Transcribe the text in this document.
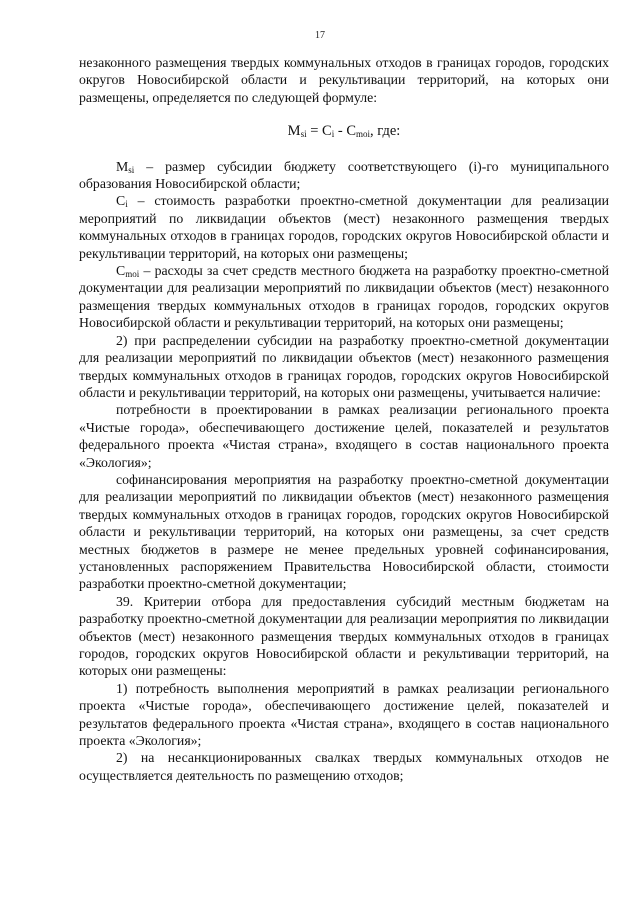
17

незаконного размещения твердых коммунальных отходов в границах городов, городских округов Новосибирской области и рекультивации территорий, на которых они размещены, определяется по следующей формуле:

$M_{si} = C_i - C_{moi}$, где:

$M_{si}$ – размер субсидии бюджету соответствующего (i)-го муниципального образования Новосибирской области;

$C_i$ – стоимость разработки проектно-сметной документации для реализации мероприятий по ликвидации объектов (мест) незаконного размещения твердых коммунальных отходов в границах городов, городских округов Новосибирской области и рекультивации территорий, на которых они размещены;

$C_{moi}$ – расходы за счет средств местного бюджета на разработку проектно-сметной документации для реализации мероприятий по ликвидации объектов (мест) незаконного размещения твердых коммунальных отходов в границах городов, городских округов Новосибирской области и рекультивации территорий, на которых они размещены;

2) при распределении субсидии на разработку проектно-сметной документации для реализации мероприятий по ликвидации объектов (мест) незаконного размещения твердых коммунальных отходов в границах городов, городских округов Новосибирской области и рекультивации территорий, на которых они размещены, учитывается наличие:

потребности в проектировании в рамках реализации регионального проекта «Чистые города», обеспечивающего достижение целей, показателей и результатов федерального проекта «Чистая страна», входящего в состав национального проекта «Экология»;

софинансирования мероприятия на разработку проектно-сметной документации для реализации мероприятий по ликвидации объектов (мест) незаконного размещения твердых коммунальных отходов в границах городов, городских округов Новосибирской области и рекультивации территорий, на которых они размещены, за счет средств местных бюджетов в размере не менее предельных уровней софинансирования, установленных распоряжением Правительства Новосибирской области, стоимости разработки проектно-сметной документации;

39. Критерии отбора для предоставления субсидий местным бюджетам на разработку проектно-сметной документации для реализации мероприятия по ликвидации объектов (мест) незаконного размещения твердых коммунальных отходов в границах городов, городских округов Новосибирской области и рекультивации территорий, на которых они размещены:

1) потребность выполнения мероприятий в рамках реализации регионального проекта «Чистые города», обеспечивающего достижение целей, показателей и результатов федерального проекта «Чистая страна», входящего в состав национального проекта «Экология»;

2) на несанкционированных свалках твердых коммунальных отходов не осуществляется деятельность по размещению отходов;
